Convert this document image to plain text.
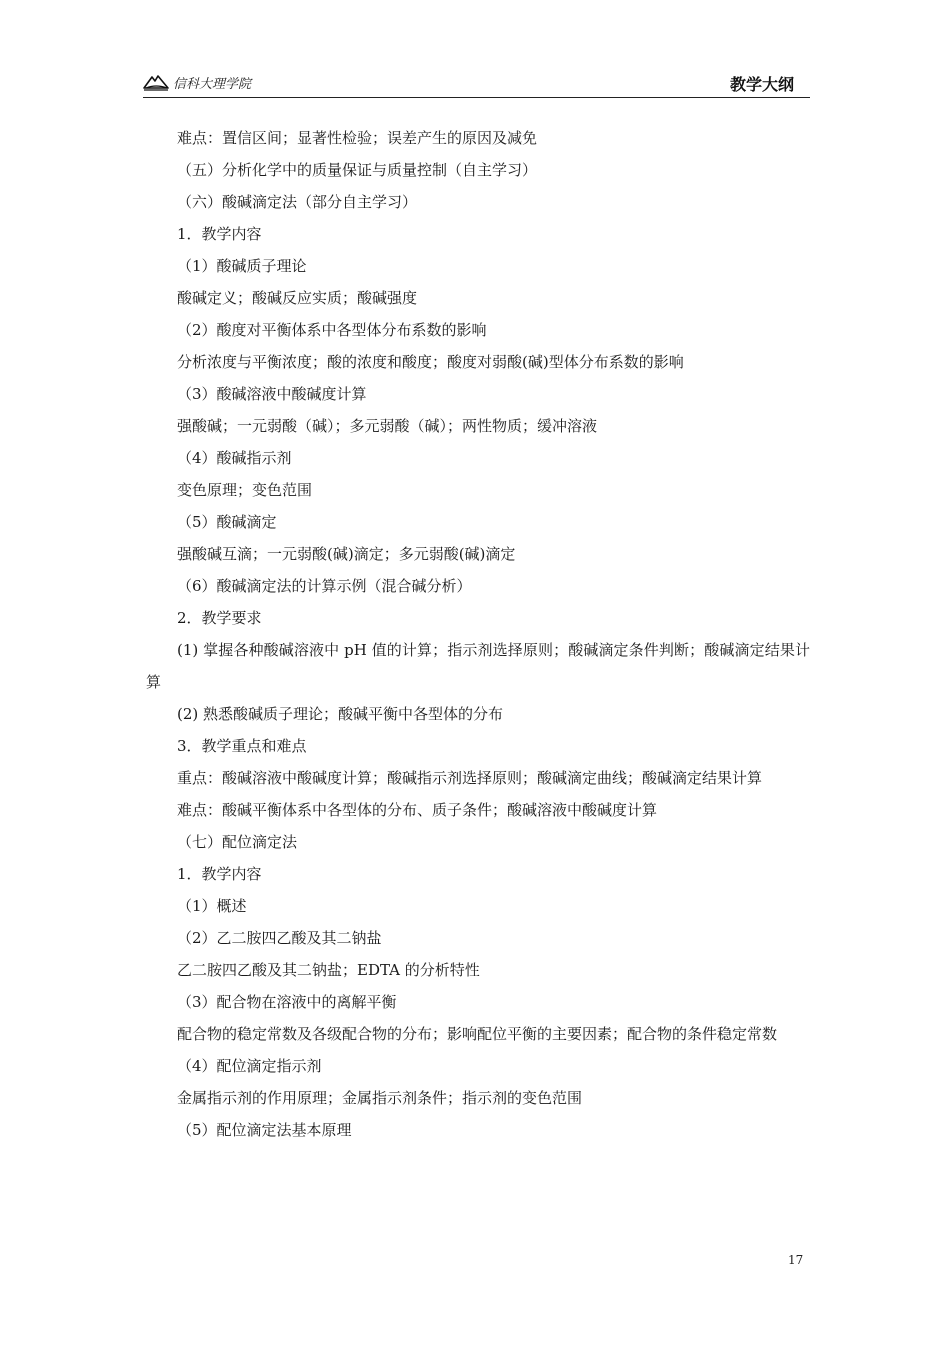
信科大理学院	教学大纲
难点：置信区间；显著性检验；误差产生的原因及减免
（五）分析化学中的质量保证与质量控制（自主学习）
（六）酸碱滴定法（部分自主学习）
1．教学内容
（1）酸碱质子理论
酸碱定义；酸碱反应实质；酸碱强度
（2）酸度对平衡体系中各型体分布系数的影响
分析浓度与平衡浓度；酸的浓度和酸度；酸度对弱酸(碱)型体分布系数的影响
（3）酸碱溶液中酸碱度计算
强酸碱；一元弱酸（碱）；多元弱酸（碱）；两性物质；缓冲溶液
（4）酸碱指示剂
变色原理；变色范围
（5）酸碱滴定
强酸碱互滴；一元弱酸(碱)滴定；多元弱酸(碱)滴定
（6）酸碱滴定法的计算示例（混合碱分析）
2．教学要求
(1) 掌握各种酸碱溶液中 pH 值的计算；指示剂选择原则；酸碱滴定条件判断；酸碱滴定结果计算
(2) 熟悉酸碱质子理论；酸碱平衡中各型体的分布
3．教学重点和难点
重点：酸碱溶液中酸碱度计算；酸碱指示剂选择原则；酸碱滴定曲线；酸碱滴定结果计算
难点：酸碱平衡体系中各型体的分布、质子条件；酸碱溶液中酸碱度计算
（七）配位滴定法
1．教学内容
（1）概述
（2）乙二胺四乙酸及其二钠盐
乙二胺四乙酸及其二钠盐；EDTA 的分析特性
（3）配合物在溶液中的离解平衡
配合物的稳定常数及各级配合物的分布；影响配位平衡的主要因素；配合物的条件稳定常数
（4）配位滴定指示剂
金属指示剂的作用原理；金属指示剂条件；指示剂的变色范围
（5）配位滴定法基本原理
17
